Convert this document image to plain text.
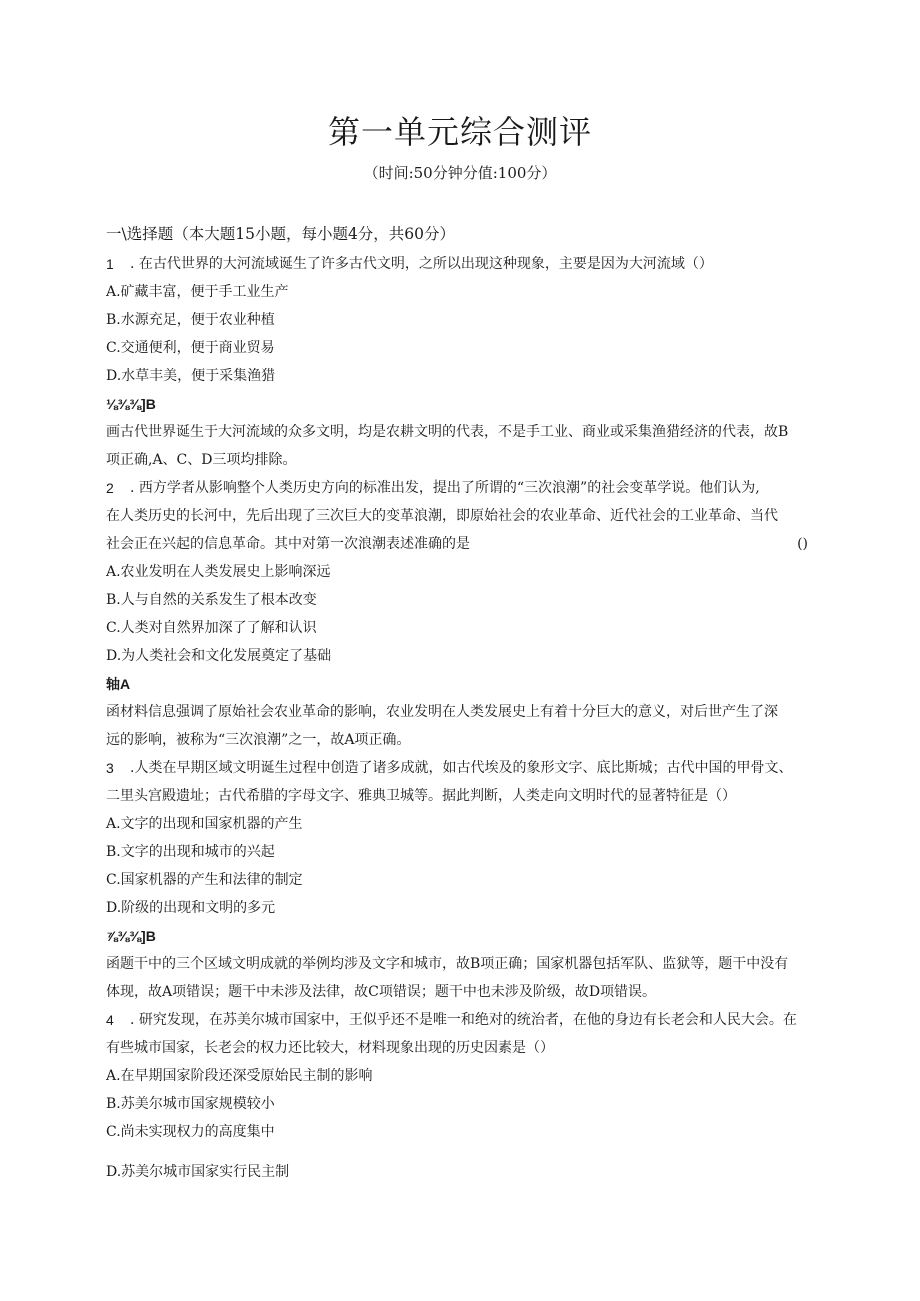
第一单元综合测评
（时间:50分钟分值:100分）
一\选择题（本大题15小题，每小题4分，共60分）
1	. 在古代世界的大河流域诞生了许多古代文明，之所以出现这种现象，主要是因为大河流域（）
A.矿藏丰富，便于手工业生产
B.水源充足，便于农业种植
C.交通便利，便于商业贸易
D.水草丰美，便于采集渔猎
⅛⅜⅜]B
画古代世界诞生于大河流域的众多文明，均是农耕文明的代表，不是手工业、商业或采集渔猎经济的代表，故B
项正确,A、C、D三项均排除。
2	. 西方学者从影响整个人类历史方向的标准出发，提出了所谓的“三次浪潮”的社会变革学说。他们认为,
在人类历史的长河中，先后出现了三次巨大的变革浪潮，即原始社会的农业革命、近代社会的工业革命、当代
社会正在兴起的信息革命。其中对第一次浪潮表述准确的是	()
A.农业发明在人类发展史上影响深远
B.人与自然的关系发生了根本改变
C.人类对自然界加深了了解和认识
D.为人类社会和文化发展奠定了基础
轴A
函材料信息强调了原始社会农业革命的影响，农业发明在人类发展史上有着十分巨大的意义，对后世产生了深
远的影响，被称为“三次浪潮”之一，故A项正确。
3	.人类在早期区域文明诞生过程中创造了诸多成就，如古代埃及的象形文字、底比斯城；古代中国的甲骨文、
二里头宫殿遗址；古代希腊的字母文字、雅典卫城等。据此判断，人类走向文明时代的显著特征是（）
A.文字的出现和国家机器的产生
B.文字的出现和城市的兴起
C.国家机器的产生和法律的制定
D.阶级的出现和文明的多元
⅞⅜⅜]B
函题干中的三个区域文明成就的举例均涉及文字和城市，故B项正确；国家机器包括军队、监狱等，题干中没有
体现，故A项错误；题干中未涉及法律，故C项错误；题干中也未涉及阶级，故D项错误。
4	. 研究发现，在苏美尔城市国家中，王似乎还不是唯一和绝对的统治者，在他的身边有长老会和人民大会。在
有些城市国家，长老会的权力还比较大，材料现象出现的历史因素是（）
A.在早期国家阶段还深受原始民主制的影响
B.苏美尔城市国家规模较小
C.尚未实现权力的高度集中
D.苏美尔城市国家实行民主制
